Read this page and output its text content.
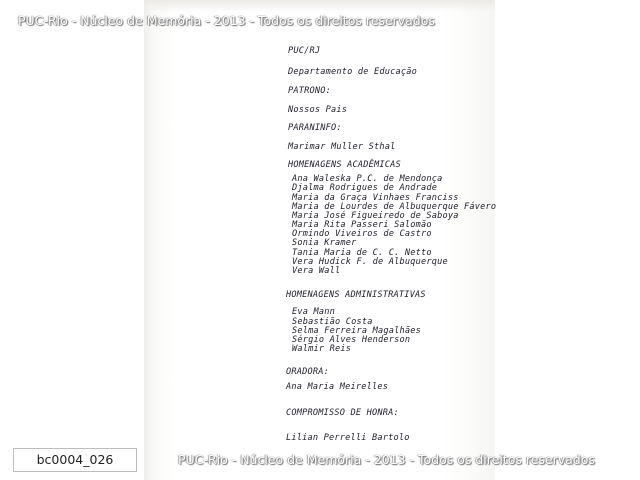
PUC-Rio - Núcleo de Memória - 2013 - Todos os direitos reservados

PUC/RJ

Departamento de Educação

PATRONO:

Nossos Pais

PARANINFO:

Marimar Muller Sthal

HOMENAGENS ACADÊMICAS

Ana Waleska P.C. de Mendonça

Djalma Rodrigues de Andrade

Maria da Graça Vinhaes Franciss

Maria de Lourdes de Albuquerque Fávero

Maria José Figueiredo de Saboya

Maria Rita Passeri Salomão

Ormindo Viveiros de Castro

Sonia Kramer

Tania Maria de C. C. Netto

Vera Hudick F. de Albuquerque

Vera Wall

HOMENAGENS ADMINISTRATIVAS

Eva Mann

Sebastião Costa

Selma Ferreira Magalhães

Sérgio Alves Henderson

Walmir Reis

ORADORA:

Ana Maria Meirelles

COMPROMISSO DE HONRA:

Lilian Perrelli Bartolo

PUC-Rio - Núcleo de Memória - 2013 - Todos os direitos reservados

bc0004_026
